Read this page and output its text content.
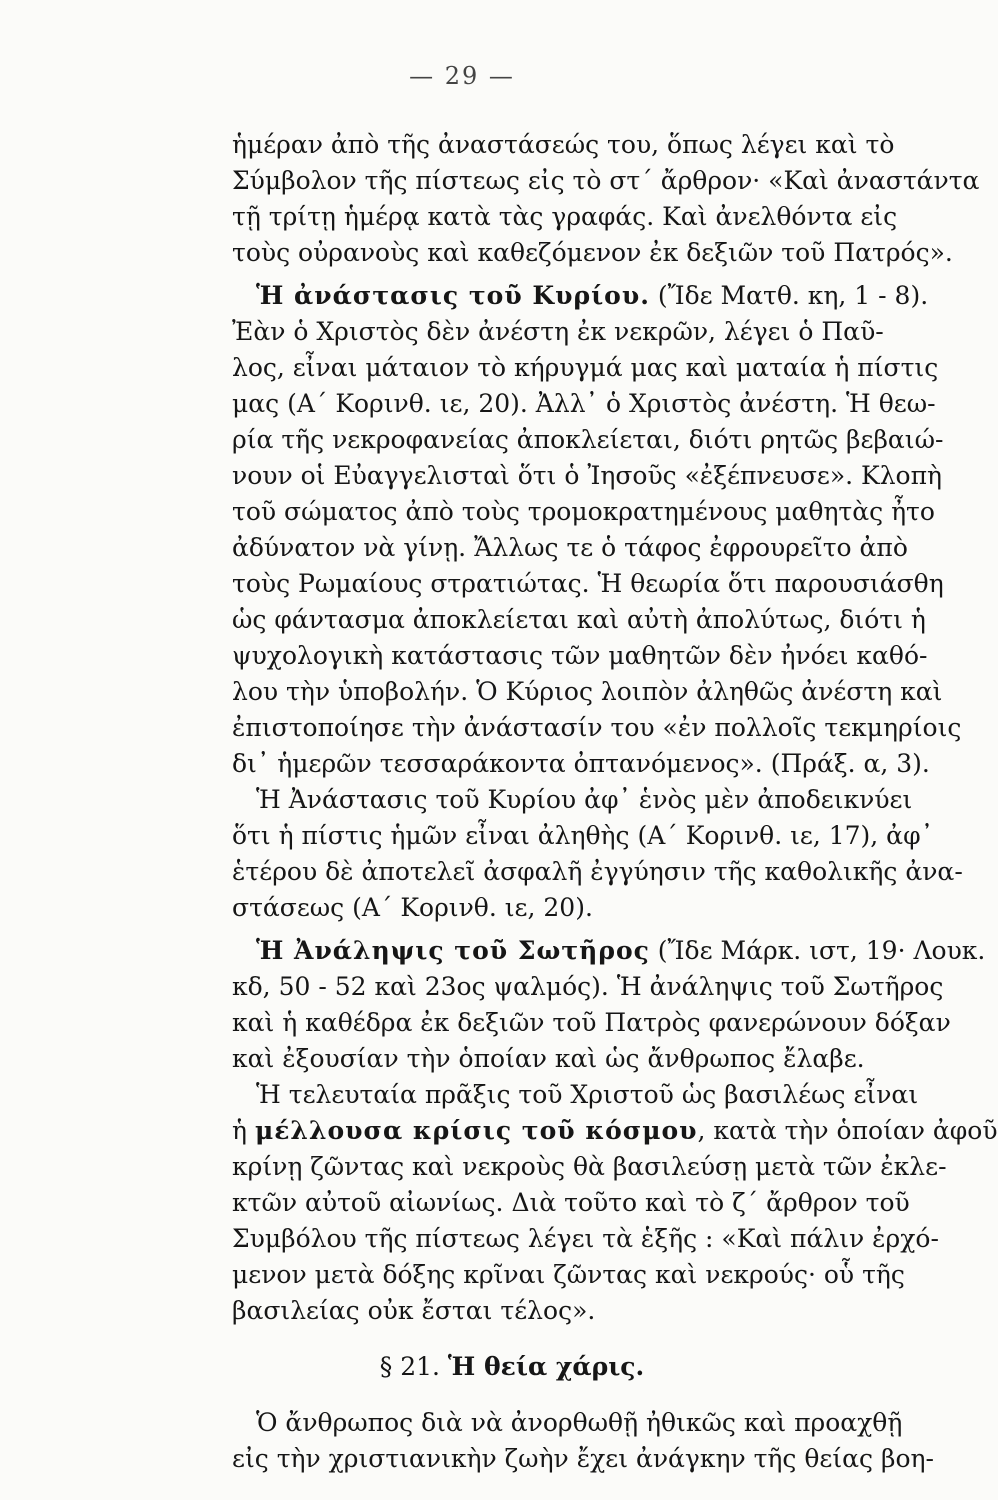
— 29 —
ἡμέραν ἀπὸ τῆς ἀναστάσεώς του, ὅπως λέγει καὶ τὸ
Σύμβολον τῆς πίστεως εἰς τὸ στ΄ ἄρθρον· «Καὶ ἀναστάντα
τῇ τρίτῃ ἡμέρᾳ κατὰ τὰς γραφάς. Καὶ ἀνελθόντα εἰς
τοὺς οὐρανοὺς καὶ καθεζόμενον ἐκ δεξιῶν τοῦ Πατρός».
Ἡ ἀνάστασις τοῦ Κυρίου. (Ἴδε Ματθ. κη, 1 - 8).
Ἐὰν ὁ Χριστὸς δὲν ἀνέστη ἐκ νεκρῶν, λέγει ὁ Παῦ-
λος, εἶναι μάταιον τὸ κήρυγμά μας καὶ ματαία ἡ πίστις
μας (Α΄ Κορινθ. ιε, 20). Ἀλλ᾽ ὁ Χριστὸς ἀνέστη. Ἡ θεω-
ρία τῆς νεκροφανείας ἀποκλείεται, διότι ρητῶς βεβαιώ-
νουν οἱ Εὐαγγελισταὶ ὅτι ὁ Ἰησοῦς «ἐξέπνευσε». Κλοπὴ
τοῦ σώματος ἀπὸ τοὺς τρομοκρατημένους μαθητὰς ἦτο
ἀδύνατον νὰ γίνῃ. Ἄλλως τε ὁ τάφος ἐφρουρεῖτο ἀπὸ
τοὺς Ρωμαίους στρατιώτας. Ἡ θεωρία ὅτι παρουσιάσθη
ὡς φάντασμα ἀποκλείεται καὶ αὐτὴ ἀπολύτως, διότι ἡ
ψυχολογικὴ κατάστασις τῶν μαθητῶν δὲν ἠνόει καθό-
λου τὴν ὑποβολήν. Ὁ Κύριος λοιπὸν ἀληθῶς ἀνέστη καὶ
ἐπιστοποίησε τὴν ἀνάστασίν του «ἐν πολλοῖς τεκμηρίοις
δι᾽ ἡμερῶν τεσσαράκοντα ὀπτανόμενος». (Πράξ. α, 3).
Ἡ Ἀνάστασις τοῦ Κυρίου ἀφ᾽ ἑνὸς μὲν ἀποδεικνύει
ὅτι ἡ πίστις ἡμῶν εἶναι ἀληθὴς (Α΄ Κορινθ. ιε, 17), ἀφ᾽
ἑτέρου δὲ ἀποτελεῖ ἀσφαλῆ ἐγγύησιν τῆς καθολικῆς ἀνα-
στάσεως (Α΄ Κορινθ. ιε, 20).
Ἡ Ἀνάληψις τοῦ Σωτῆρος (Ἴδε Μάρκ. ιστ, 19· Λουκ.
κδ, 50 - 52 καὶ 23ος ψαλμός). Ἡ ἀνάληψις τοῦ Σωτῆρος
καὶ ἡ καθέδρα ἐκ δεξιῶν τοῦ Πατρὸς φανερώνουν δόξαν
καὶ ἐξουσίαν τὴν ὁποίαν καὶ ὡς ἄνθρωπος ἔλαβε.
Ἡ τελευταία πρᾶξις τοῦ Χριστοῦ ὡς βασιλέως εἶναι
ἡ μέλλουσα κρίσις τοῦ κόσμου, κατὰ τὴν ὁποίαν ἀφοῦ
κρίνῃ ζῶντας καὶ νεκροὺς θὰ βασιλεύσῃ μετὰ τῶν ἐκλε-
κτῶν αὐτοῦ αἰωνίως. Διὰ τοῦτο καὶ τὸ ζ΄ ἄρθρον τοῦ
Συμβόλου τῆς πίστεως λέγει τὰ ἑξῆς : «Καὶ πάλιν ἐρχό-
μενον μετὰ δόξης κρῖναι ζῶντας καὶ νεκρούς· οὗ τῆς
βασιλείας οὐκ ἔσται τέλος».
§ 21. Ἡ θεία χάρις.
Ὁ ἄνθρωπος διὰ νὰ ἀνορθωθῇ ἠθικῶς καὶ προαχθῇ
εἰς τὴν χριστιανικὴν ζωὴν ἔχει ἀνάγκην τῆς θείας βοη-
